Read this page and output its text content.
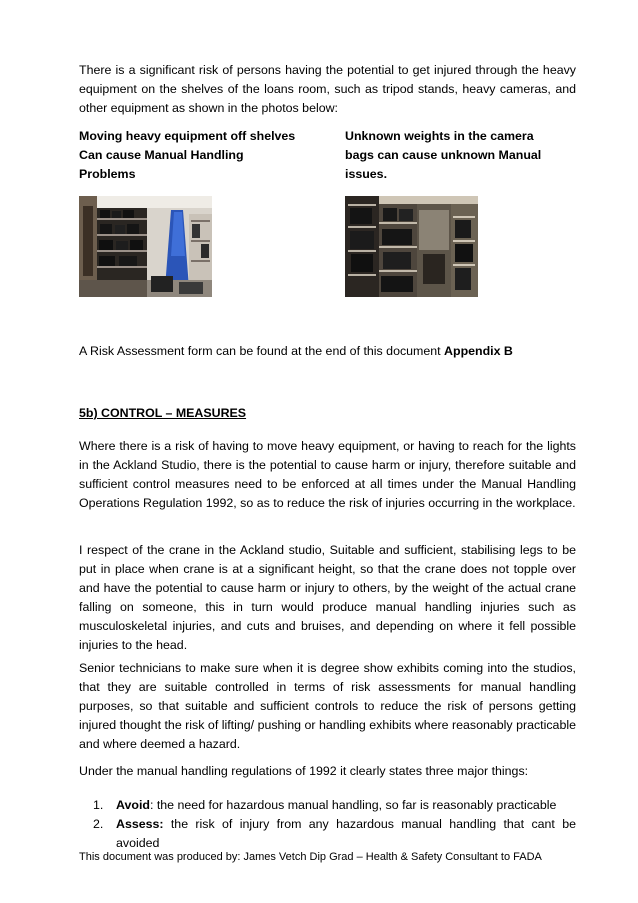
There is a significant risk of persons having the potential to get injured through the heavy equipment on the shelves of the loans room, such as tripod stands, heavy cameras, and other equipment as shown in the photos below:

Moving heavy equipment off shelves
Can cause Manual Handling
Problems
Unknown weights in the camera
bags can cause unknown Manual
issues.

A Risk Assessment form can be found at the end of this document Appendix B

5b) CONTROL – MEASURES

Where there is a risk of having to move heavy equipment, or having to reach for the lights in the Ackland Studio, there is the potential to cause harm or injury, therefore suitable and sufficient control measures need to be enforced at all times under the Manual Handling Operations Regulation 1992, so as to reduce the risk of injuries occurring in the workplace.

I respect of the crane in the Ackland studio, Suitable and sufficient, stabilising legs to be put in place when crane is at a significant height, so that the crane does not topple over and have the potential to cause harm or injury to others, by the weight of the actual crane falling on someone, this in turn would produce manual handling injuries such as musculoskeletal injuries, and cuts and bruises, and depending on where it fell possible injuries to the head.

Senior technicians to make sure when it is degree show exhibits coming into the studios, that they are suitable controlled in terms of risk assessments for manual handling purposes, so that suitable and sufficient controls to reduce the risk of persons getting injured thought the risk of lifting/ pushing or handling exhibits where reasonably practicable and where deemed a hazard.

Under the manual handling regulations of 1992 it clearly states three major things:

1. Avoid: the need for hazardous manual handling, so far is reasonably practicable
2. Assess: the risk of injury from any hazardous manual handling that cant be avoided

This document was produced by: James Vetch Dip Grad – Health & Safety Consultant to FADA
